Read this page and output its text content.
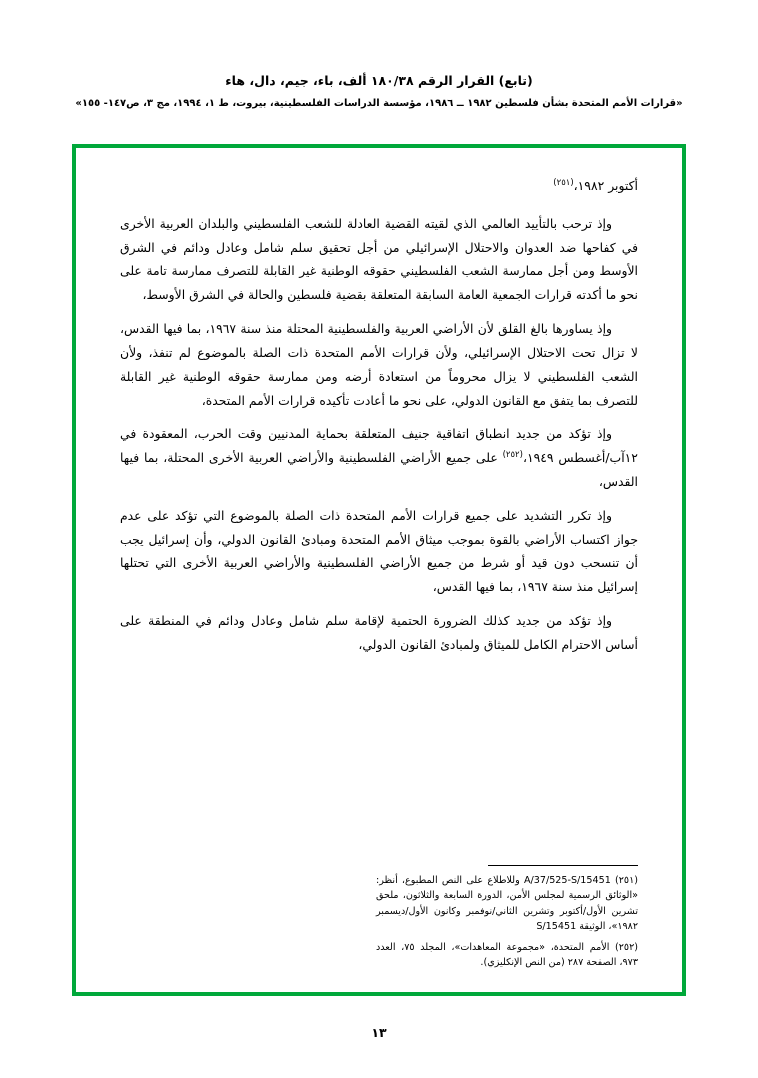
(تابع) القرار الرقم ١٨٠/٣٨ ألف، باء، جيم، دال، هاء
«قرارات الأمم المتحدة بشأن فلسطين ١٩٨٢ ــ ١٩٨٦، مؤسسة الدراسات الفلسطينية، بيروت، ط ١، ١٩٩٤، مج ٣، ص١٤٧- ١٥٥»
أكتوبر ١٩٨٢،$^{(٢٥١)}$

وإذ ترحب بالتأييد العالمي الذي لقيته القضية العادلة للشعب الفلسطيني والبلدان العربية الأخرى في كفاحها ضد العدوان والاحتلال الإسرائيلي من أجل تحقيق سلم شامل وعادل ودائم في الشرق الأوسط ومن أجل ممارسة الشعب الفلسطيني حقوقه الوطنية غير القابلة للتصرف ممارسة تامة على نحو ما أكدته قرارات الجمعية العامة السابقة المتعلقة بقضية فلسطين والحالة في الشرق الأوسط،

وإذ يساورها بالغ القلق لأن الأراضي العربية والفلسطينية المحتلة منذ سنة ١٩٦٧، بما فيها القدس، لا تزال تحت الاحتلال الإسرائيلي، ولأن قرارات الأمم المتحدة ذات الصلة بالموضوع لم تنفذ، ولأن الشعب الفلسطيني لا يزال محروماً من استعادة أرضه ومن ممارسة حقوقه الوطنية غير القابلة للتصرف بما يتفق مع القانون الدولي، على نحو ما أعادت تأكيده قرارات الأمم المتحدة،

وإذ تؤكد من جديد انطباق اتفاقية جنيف المتعلقة بحماية المدنيين وقت الحرب، المعقودة في ١٢آب/أغسطس ١٩٤٩،$^{(٢٥٢)}$ على جميع الأراضي الفلسطينية والأراضي العربية الأخرى المحتلة، بما فيها القدس،

وإذ تكرر التشديد على جميع قرارات الأمم المتحدة ذات الصلة بالموضوع التي تؤكد على عدم جواز اكتساب الأراضي بالقوة بموجب ميثاق الأمم المتحدة ومبادئ القانون الدولي، وأن إسرائيل يجب أن تنسحب دون قيد أو شرط من جميع الأراضي الفلسطينية والأراضي العربية الأخرى التي تحتلها إسرائيل منذ سنة ١٩٦٧، بما فيها القدس،

وإذ تؤكد من جديد كذلك الضرورة الحتمية لإقامة سلم شامل وعادل ودائم في المنطقة على أساس الاحترام الكامل للميثاق ولمبادئ القانون الدولي،

(٢٥١) A/37/525-S/15451 وللاطلاع على النص المطبوع، أنظر: «الوثائق الرسمية لمجلس الأمن، الدورة السابعة والثلاثون، ملحق تشرين الأول/أكتوبر وتشرين الثاني/نوفمبر وكانون الأول/ديسمبر ١٩٨٢»، الوثيقة S/15451
(٢٥٢) الأمم المتحدة، «مجموعة المعاهدات»، المجلد ٧٥، العدد ٩٧٣، الصفحة ٢٨٧ (من النص الإنكليزي).
١٣
